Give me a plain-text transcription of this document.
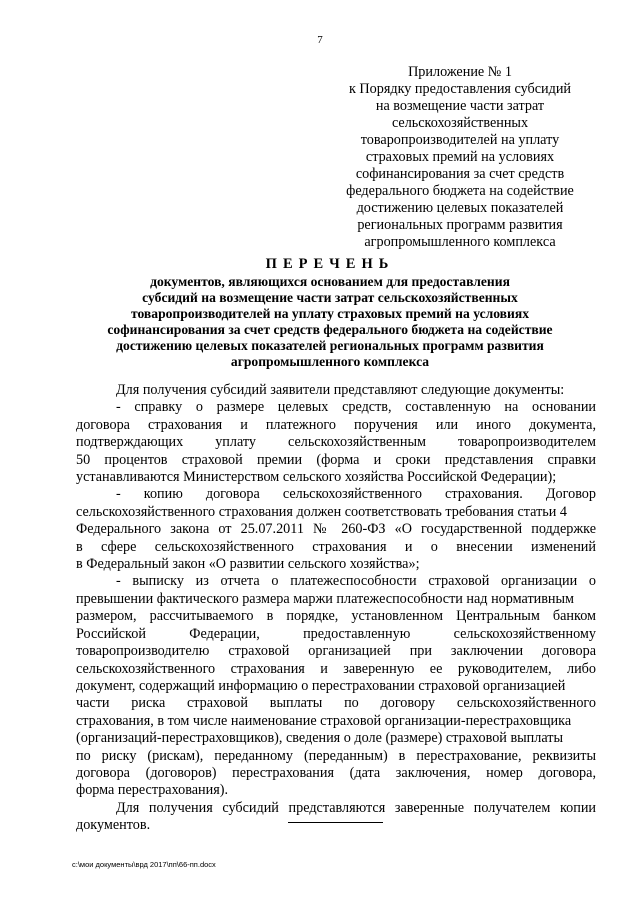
7
Приложение № 1
к Порядку предоставления субсидий
на возмещение части затрат
сельскохозяйственных
товаропроизводителей на уплату
страховых премий на условиях
софинансирования за счет средств
федерального бюджета на содействие
достижению целевых показателей
региональных программ развития
агропромышленного комплекса
ПЕРЕЧЕНЬ
документов, являющихся основанием для предоставления
субсидий на возмещение части затрат сельскохозяйственных
товаропроизводителей на уплату страховых премий на условиях
софинансирования за счет средств федерального бюджета на содействие
достижению целевых показателей региональных программ развития
агропромышленного комплекса
Для получения субсидий заявители представляют следующие документы:
- справку о размере целевых средств, составленную на основании
договора страхования и платежного поручения или иного документа,
подтверждающих уплату сельскохозяйственным товаропроизводителем
50 процентов страховой премии (форма и сроки представления справки
устанавливаются Министерством сельского хозяйства Российской Федерации);
- копию договора сельскохозяйственного страхования. Договор
сельскохозяйственного страхования должен соответствовать требования статьи 4
Федерального закона от 25.07.2011 № 260-ФЗ «О государственной поддержке
в сфере сельскохозяйственного страхования и о внесении изменений
в Федеральный закон «О развитии сельского хозяйства»;
- выписку из отчета о платежеспособности страховой организации о
превышении фактического размера маржи платежеспособности над нормативным
размером, рассчитываемого в порядке, установленном Центральным банком
Российской Федерации, предоставленную сельскохозяйственному
товаропроизводителю страховой организацией при заключении договора
сельскохозяйственного страхования и заверенную ее руководителем, либо
документ, содержащий информацию о перестраховании страховой организацией
части риска страховой выплаты по договору сельскохозяйственного
страхования, в том числе наименование страховой организации-перестраховщика
(организаций-перестраховщиков), сведения о доле (размере) страховой выплаты
по риску (рискам), переданному (переданным) в перестрахование, реквизиты
договора (договоров) перестрахования (дата заключения, номер договора,
форма перестрахования).
Для получения субсидий представляются заверенные получателем копии
документов.
c:\мои документы\врд 2017\пп\66-пп.docx
